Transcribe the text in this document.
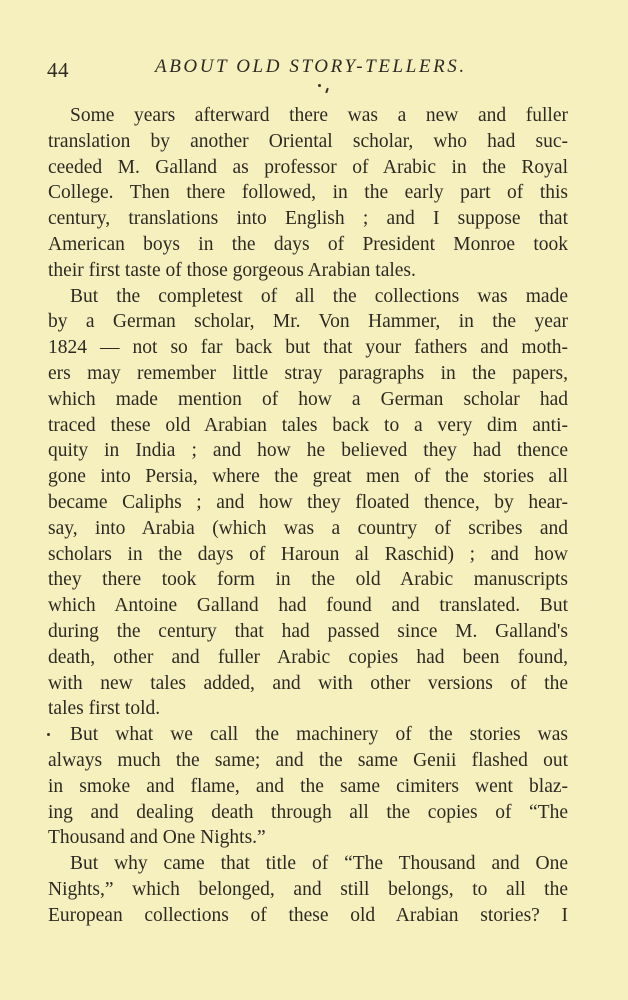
44	ABOUT OLD STORY-TELLERS.
Some years afterward there was a new and fuller
translation by another Oriental scholar, who had suc-
ceeded M. Galland as professor of Arabic in the Royal
College. Then there followed, in the early part of this
century, translations into English ; and I suppose that
American boys in the days of President Monroe took
their first taste of those gorgeous Arabian tales.
But the completest of all the collections was made
by a German scholar, Mr. Von Hammer, in the year
1824 — not so far back but that your fathers and moth-
ers may remember little stray paragraphs in the papers,
which made mention of how a German scholar had
traced these old Arabian tales back to a very dim anti-
quity in India ; and how he believed they had thence
gone into Persia, where the great men of the stories all
became Caliphs ; and how they floated thence, by hear-
say, into Arabia (which was a country of scribes and
scholars in the days of Haroun al Raschid) ; and how
they there took form in the old Arabic manuscripts
which Antoine Galland had found and translated. But
during the century that had passed since M. Galland's
death, other and fuller Arabic copies had been found,
with new tales added, and with other versions of the
tales first told.
But what we call the machinery of the stories was
always much the same; and the same Genii flashed out
in smoke and flame, and the same cimiters went blaz-
ing and dealing death through all the copies of “The
Thousand and One Nights.”
But why came that title of “The Thousand and One
Nights,” which belonged, and still belongs, to all the
European collections of these old Arabian stories? I
